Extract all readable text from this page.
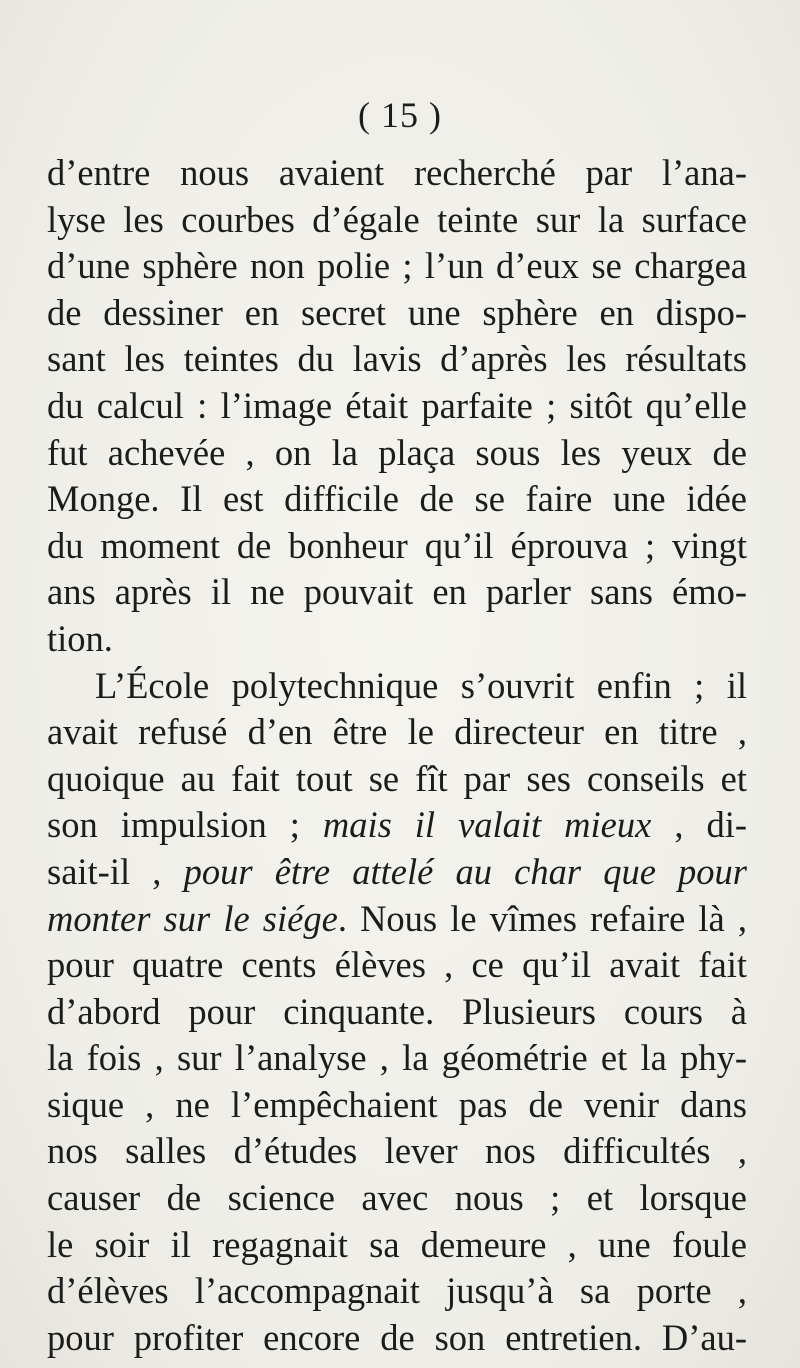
( 15 )
d’entre nous avaient recherché par l’ana-
lyse les courbes d’égale teinte sur la surface
d’une sphère non polie ; l’un d’eux se chargea
de dessiner en secret une sphère en dispo-
sant les teintes du lavis d’après les résultats
du calcul : l’image était parfaite ; sitôt qu’elle
fut achevée , on la plaça sous les yeux de
Monge. Il est difficile de se faire une idée
du moment de bonheur qu’il éprouva ; vingt
ans après il ne pouvait en parler sans émo-
tion.
L’École polytechnique s’ouvrit enfin ; il
avait refusé d’en être le directeur en titre ,
quoique au fait tout se fît par ses conseils et
son impulsion ; mais il valait mieux , di-
sait-il , pour être attelé au char que pour
monter sur le siége. Nous le vîmes refaire là ,
pour quatre cents élèves , ce qu’il avait fait
d’abord pour cinquante. Plusieurs cours à
la fois , sur l’analyse , la géométrie et la phy-
sique , ne l’empêchaient pas de venir dans
nos salles d’études lever nos difficultés ,
causer de science avec nous ; et lorsque
le soir il regagnait sa demeure , une foule
d’élèves l’accompagnait jusqu’à sa porte ,
pour profiter encore de son entretien. D’au-
